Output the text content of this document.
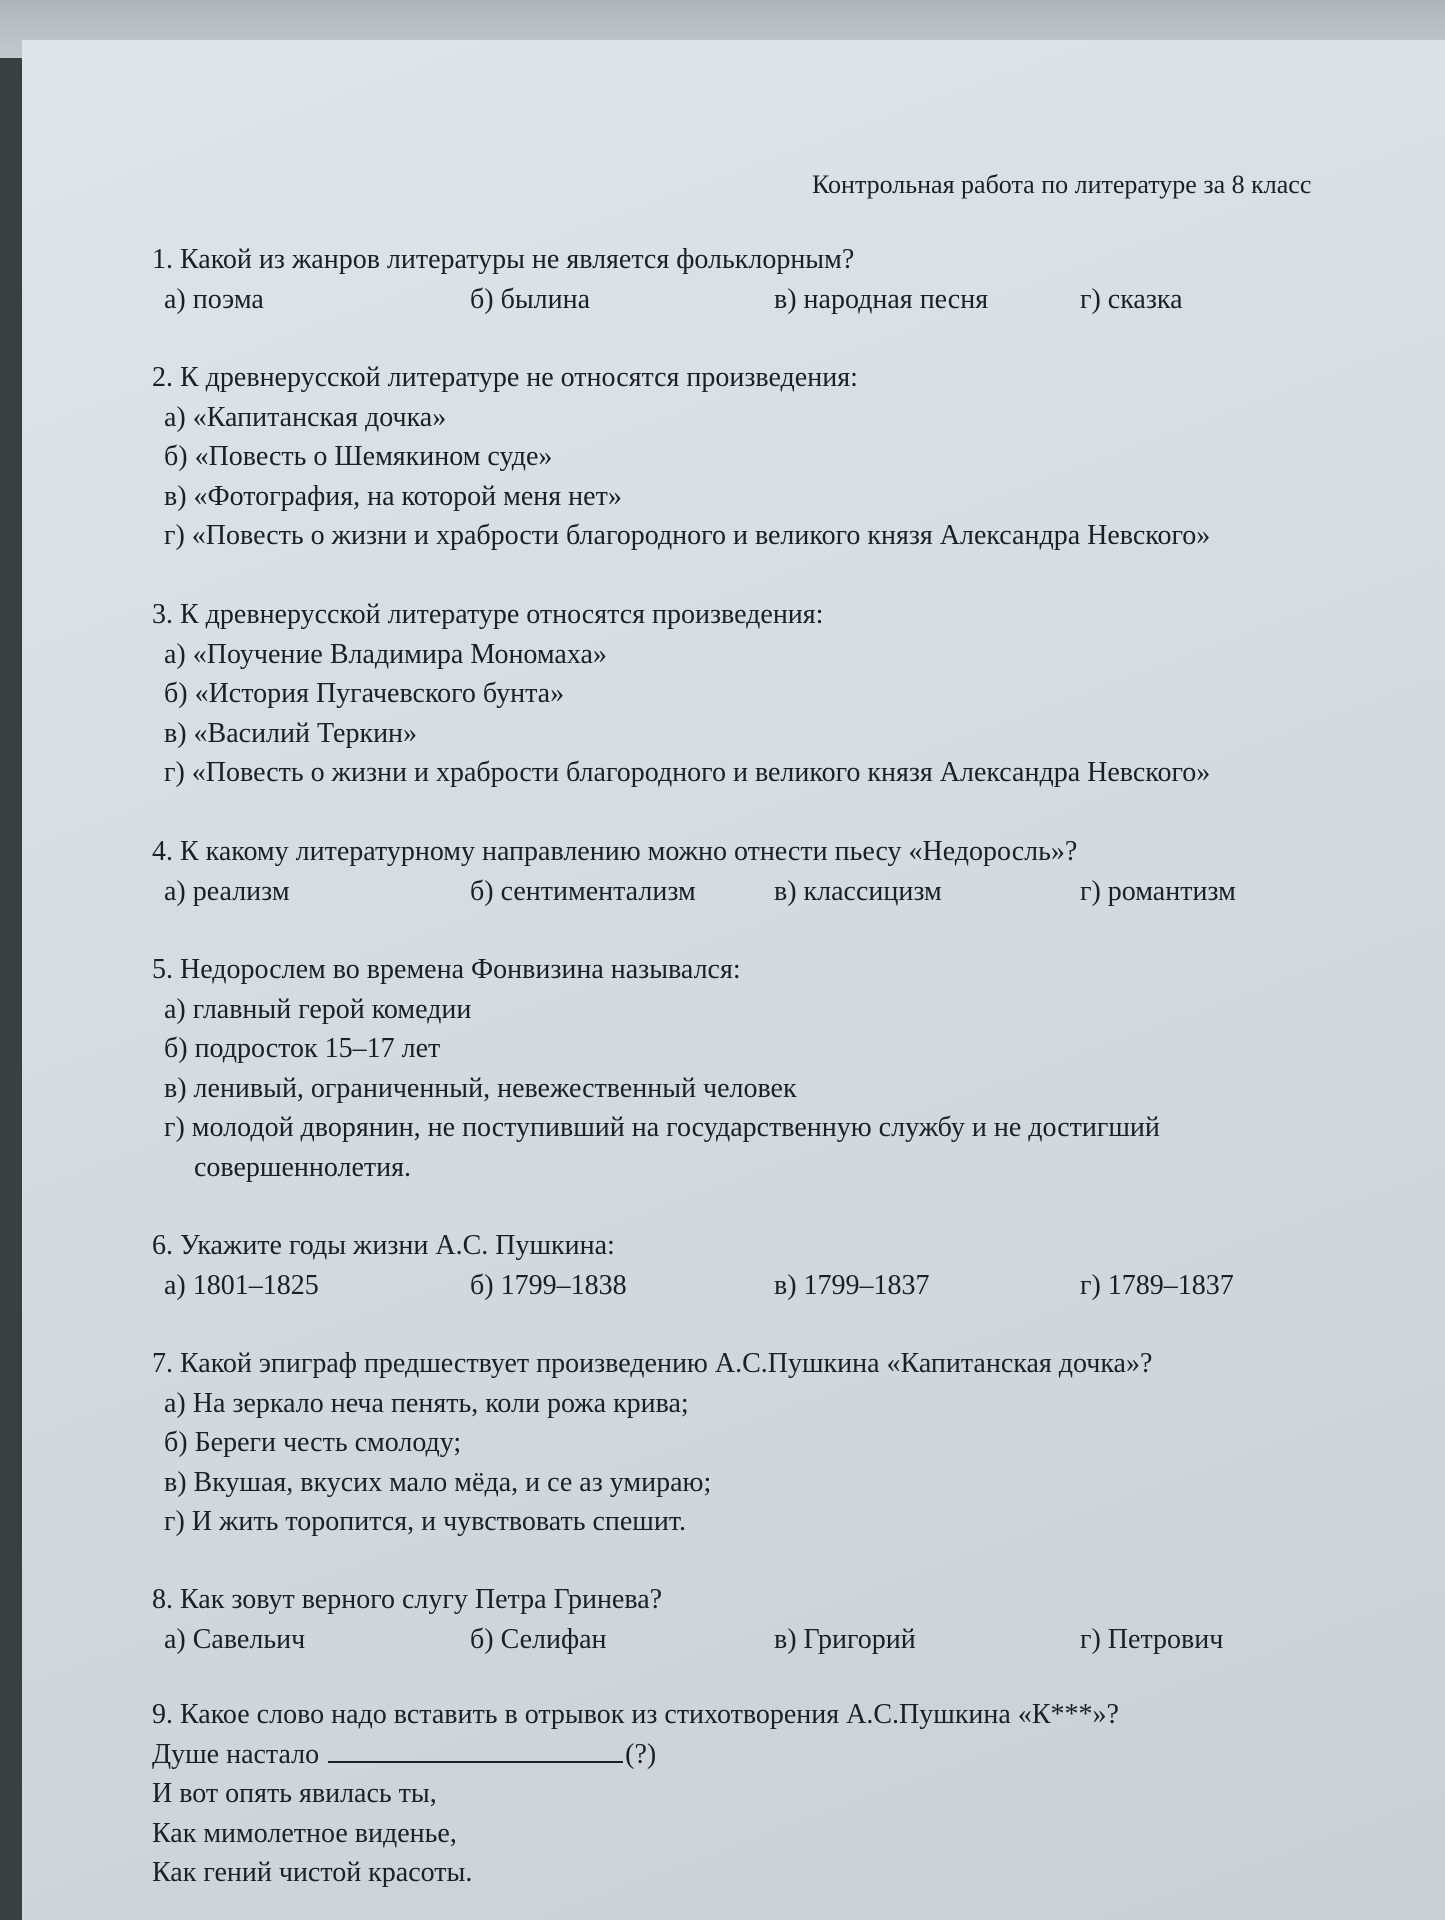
Контрольная работа по литературе за 8 класс
1. Какой из жанров литературы не является фольклорным?
а) поэма	б) былина	в) народная песня	г) сказка
2. К древнерусской литературе не относятся произведения:
а) «Капитанская дочка»
б) «Повесть о Шемякином суде»
в) «Фотография, на которой меня нет»
г) «Повесть о жизни и храбрости благородного и великого князя Александра Невского»
3. К древнерусской литературе относятся произведения:
а) «Поучение Владимира Мономаха»
б) «История Пугачевского бунта»
в) «Василий Теркин»
г) «Повесть о жизни и храбрости благородного и великого князя Александра Невского»
4. К какому литературному направлению можно отнести пьесу «Недоросль»?
а) реализм	б) сентиментализм	в) классицизм	г) романтизм
5. Недорослем во времена Фонвизина назывался:
а) главный герой комедии
б) подросток 15–17 лет
в) ленивый, ограниченный, невежественный человек
г) молодой дворянин, не поступивший на государственную службу и не достигший
совершеннолетия.
6. Укажите годы жизни А.С. Пушкина:
а) 1801–1825	б) 1799–1838	в) 1799–1837	г) 1789–1837
7. Какой эпиграф предшествует произведению А.С.Пушкина «Капитанская дочка»?
а) На зеркало неча пенять, коли рожа крива;
б) Береги честь смолоду;
в) Вкушая, вкусих мало мёда, и се аз умираю;
г) И жить торопится, и чувствовать спешит.
8. Как зовут верного слугу Петра Гринева?
а) Савельич	б) Селифан	в) Григорий	г) Петрович
9. Какое слово надо вставить в отрывок из стихотворения А.С.Пушкина «К***»?
Душе настало	(?)
И вот опять явилась ты,
Как мимолетное виденье,
Как гений чистой красоты.
